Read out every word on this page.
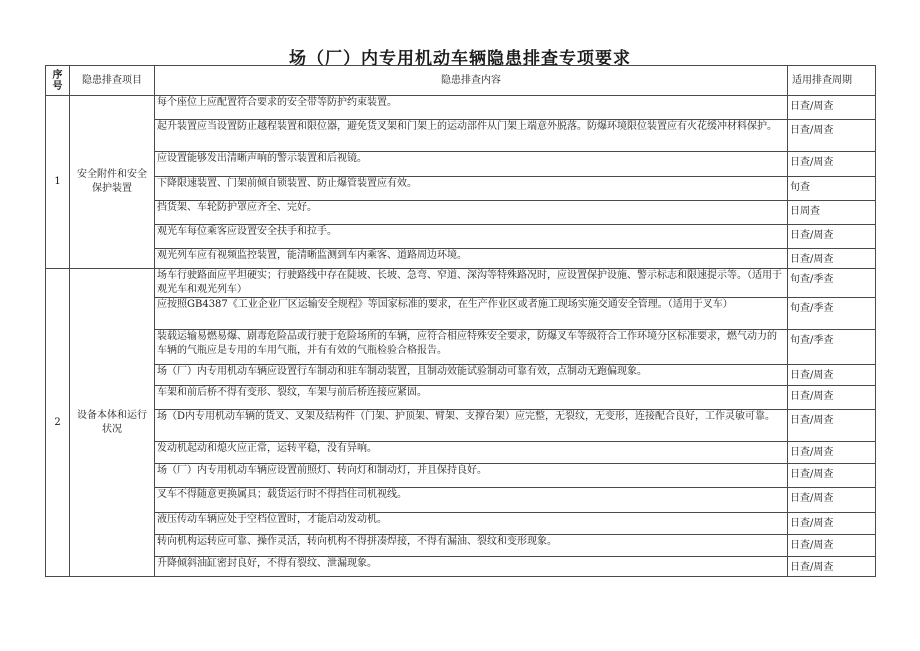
场（厂）内专用机动车辆隐患排查专项要求
序号	隐患排查项目	隐患排查内容	适用排查周期
1	安全附件和安全保护装置	每个座位上应配置符合要求的安全带等防护约束装置。	日查/周查
		起升装置应当设置防止越程装置和限位器，避免货叉架和门架上的运动部件从门架上端意外脱落。防爆环境限位装置应有火花缓冲材料保护。	日查/周查
		应设置能够发出清晰声响的警示装置和后视镜。	日查/周查
		下降限速装置、门架前倾自锁装置、防止爆管装置应有效。	旬查
		挡货架、车轮防护罩应齐全、完好。	日周查
		观光车每位乘客应设置安全扶手和拉手。	日查/周查
		观光列车应有视频监控装置，能清晰监测到车内乘客、道路周边环境。	日查/周查
2	设备本体和运行状况	场车行驶路面应平坦硬实；行驶路线中存在陡坡、长坡、急弯、窄道、深沟等特殊路况时，应设置保护设施、警示标志和限速提示等。（适用于观光车和观光列车）	旬查/季查
		应按照GB4387《工业企业厂区运输安全规程》等国家标准的要求，在生产作业区或者施工现场实施交通安全管理。（适用于叉车）	旬查/季查
		装载运输易燃易爆、剧毒危险品或行驶于危险场所的车辆，应符合相应特殊安全要求，防爆叉车等级符合工作环境分区标准要求，燃气动力的车辆的气瓶应是专用的车用气瓶，并有有效的气瓶检验合格报告。	旬查/季查
		场（厂）内专用机动车辆应设置行车制动和驻车制动装置，且制动效能试验制动可靠有效，点制动无跑偏现象。	日查/周查
		车架和前后桥不得有变形、裂纹，车架与前后桥连接应紧固。	日查/周查
		场（D内专用机动车辆的货叉、叉架及结构件（门架、护顶架、臂架、支撑台架）应完整，无裂纹，无变形，连接配合良好，工作灵敏可靠。	日查/周查
		发动机起动和熄火应正常，运转平稳，没有异响。	日查/周查
		场（厂）内专用机动车辆应设置前照灯、转向灯和制动灯，并且保持良好。	日查/周查
		叉车不得随意更换属具；载货运行时不得挡住司机视线。	日查/周查
		液压传动车辆应处于空档位置时，才能启动发动机。	日查/周查
		转向机构运转应可靠、操作灵活，转向机构不得拼凑焊接，不得有漏油、裂纹和变形现象。	日查/周查
		升降倾斜油缸密封良好，不得有裂纹、泄漏现象。	日查/周查
